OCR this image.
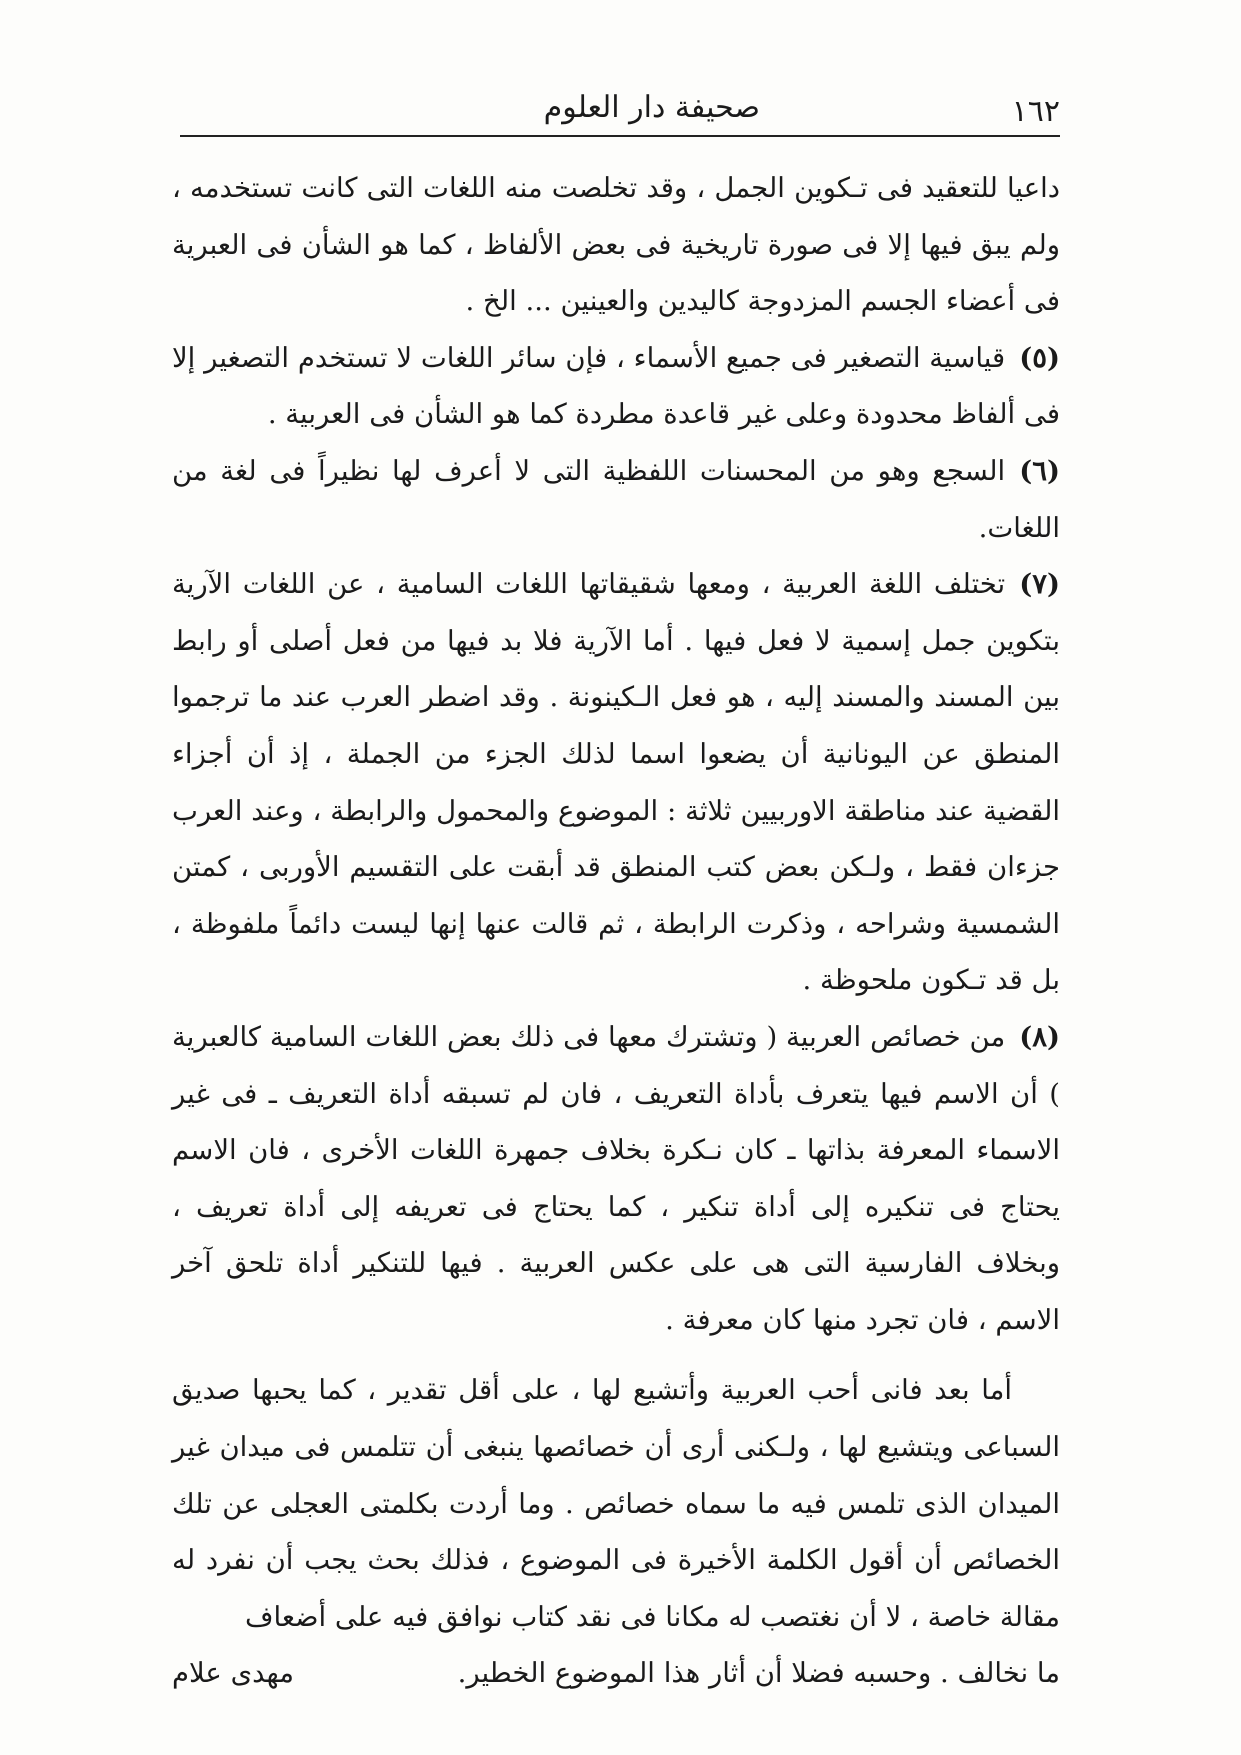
١٦٢
صحيفة دار العلوم

داعيا للتعقيد فى تـكوين الجمل ، وقد تخلصت منه اللغات التى كانت تستخدمه ، ولم يبق فيها إلا فى صورة تاريخية فى بعض الألفاظ ، كما هو الشأن فى العبرية فى أعضاء الجسم المزدوجة كاليدين والعينين ... الخ .

(٥)قياسية التصغير فى جميع الأسماء ، فإن سائر اللغات لا تستخدم التصغير إلا فى ألفاظ محدودة وعلى غير قاعدة مطردة كما هو الشأن فى العربية .

(٦)السجع وهو من المحسنات اللفظية التى لا أعرف لها نظيراً فى لغة من اللغات.

(٧)تختلف اللغة العربية ، ومعها شقيقاتها اللغات السامية ، عن اللغات الآرية بتكوين جمل إسمية لا فعل فيها . أما الآرية فلا بد فيها من فعل أصلى أو رابط بين المسند والمسند إليه ، هو فعل الـكينونة . وقد اضطر العرب عند ما ترجموا المنطق عن اليونانية أن يضعوا اسما لذلك الجزء من الجملة ، إذ أن أجزاء القضية عند مناطقة الاوربيين ثلاثة : الموضوع والمحمول والرابطة ، وعند العرب جزءان فقط ، ولـكن بعض كتب المنطق قد أبقت على التقسيم الأوربى ، كمتن الشمسية وشراحه ، وذكرت الرابطة ، ثم قالت عنها إنها ليست دائماً ملفوظة ، بل قد تـكون ملحوظة .

(٨)من خصائص العربية ( وتشترك معها فى ذلك بعض اللغات السامية كالعبرية ) أن الاسم فيها يتعرف بأداة التعريف ، فان لم تسبقه أداة التعريف ـ فى غير الاسماء المعرفة بذاتها ـ كان نـكرة بخلاف جمهرة اللغات الأخرى ، فان الاسم يحتاج فى تنكيره إلى أداة تنكير ، كما يحتاج فى تعريفه إلى أداة تعريف ، وبخلاف الفارسية التى هى على عكس العربية . فيها للتنكير أداة تلحق آخر الاسم ، فان تجرد منها كان معرفة .

أما بعد فانى أحب العربية وأتشيع لها ، على أقل تقدير ، كما يحبها صديق السباعى ويتشيع لها ، ولـكنى أرى أن خصائصها ينبغى أن تتلمس فى ميدان غير الميدان الذى تلمس فيه ما سماه خصائص . وما أردت بكلمتى العجلى عن تلك الخصائص أن أقول الكلمة الأخيرة فى الموضوع ، فذلك بحث يجب أن نفرد له مقالة خاصة ، لا أن نغتصب له مكانا فى نقد كتاب نوافق فيه على أضعاف

ما نخالف . وحسبه فضلا أن أثار هذا الموضوع الخطير.
مهدى علام
